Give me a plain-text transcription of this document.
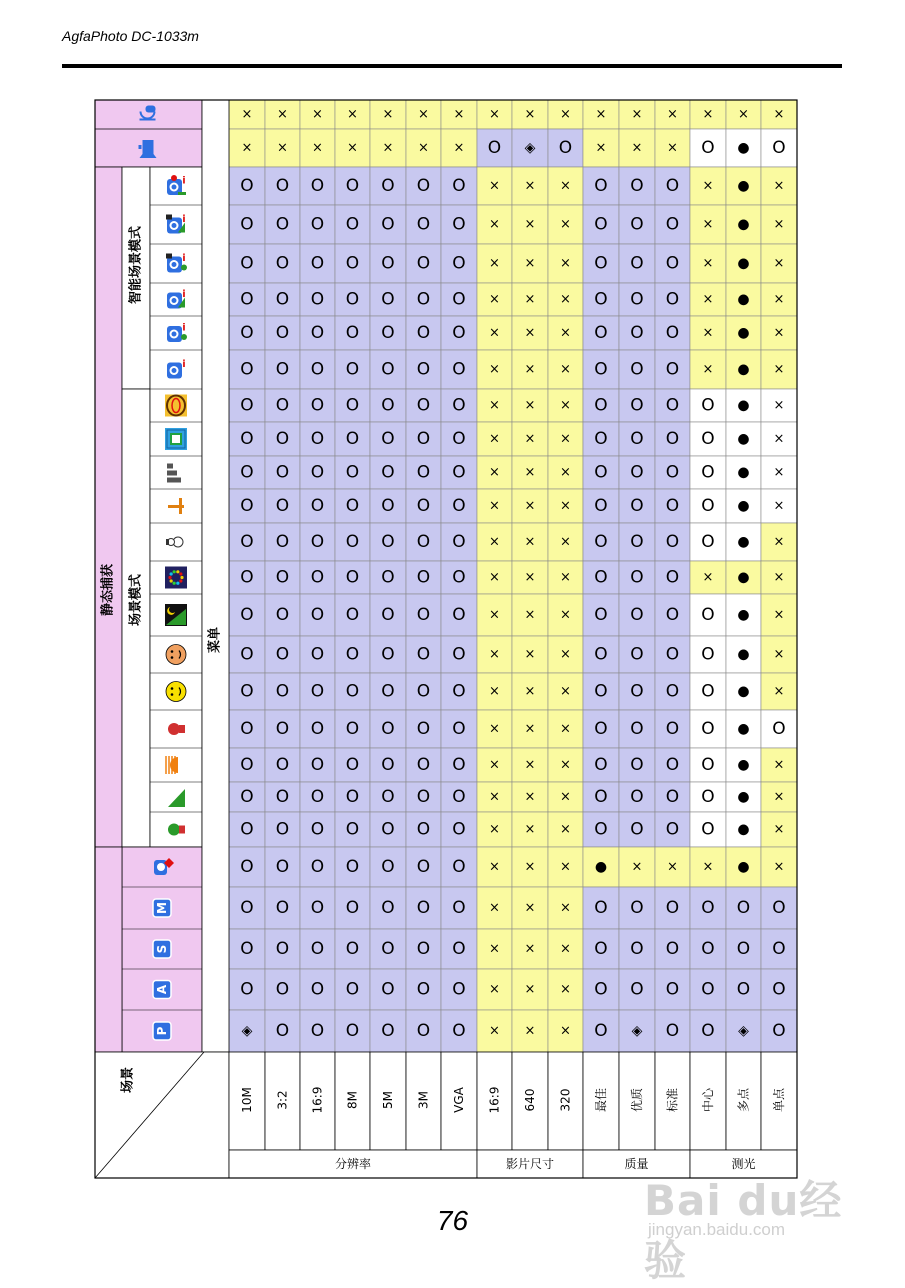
AgfaPhoto DC-1033m
× × × × × × × × × × × × × × × ×
× × × × × × × O ◈ O × × × O ● O
O O O O O O O × × × O O O × ● ×
O O O O O O O × × × O O O × ● ×
O O O O O O O × × × O O O × ● ×
O O O O O O O × × × O O O × ● ×
O O O O O O O × × × O O O × ● ×
O O O O O O O × × × O O O × ● ×
O O O O O O O × × × O O O O ● ×
O O O O O O O × × × O O O O ● ×
O O O O O O O × × × O O O O ● ×
O O O O O O O × × × O O O O ● ×
O O O O O O O × × × O O O O ● ×
O O O O O O O × × × O O O × ● ×
O O O O O O O × × × O O O O ● ×
O O O O O O O × × × O O O O ● ×
O O O O O O O × × × O O O O ● ×
O O O O O O O × × × O O O O ● O
O O O O O O O × × × O O O O ● ×
O O O O O O O × × × O O O O ● ×
O O O O O O O × × × O O O O ● ×
O O O O O O O × × × ● × × × ● ×
O O O O O O O × × × O O O O O O
O O O O O O O × × × O O O O O O
O O O O O O O × × × O O O O O O
◈ O O O O O O × × × O ◈ O O ◈ O
静态捕获
智能场景模式
场景模式
i
i
i
i
i
i
M
S
A
P
场景
菜单
10M 3:2 16:9 8M 5M 3M VGA
分辨率
16:9 640 320
影片尺寸
最佳 优质 标准
质量
中心 多点 单点
测光
76	Bai du经验
jingyan.baidu.com
